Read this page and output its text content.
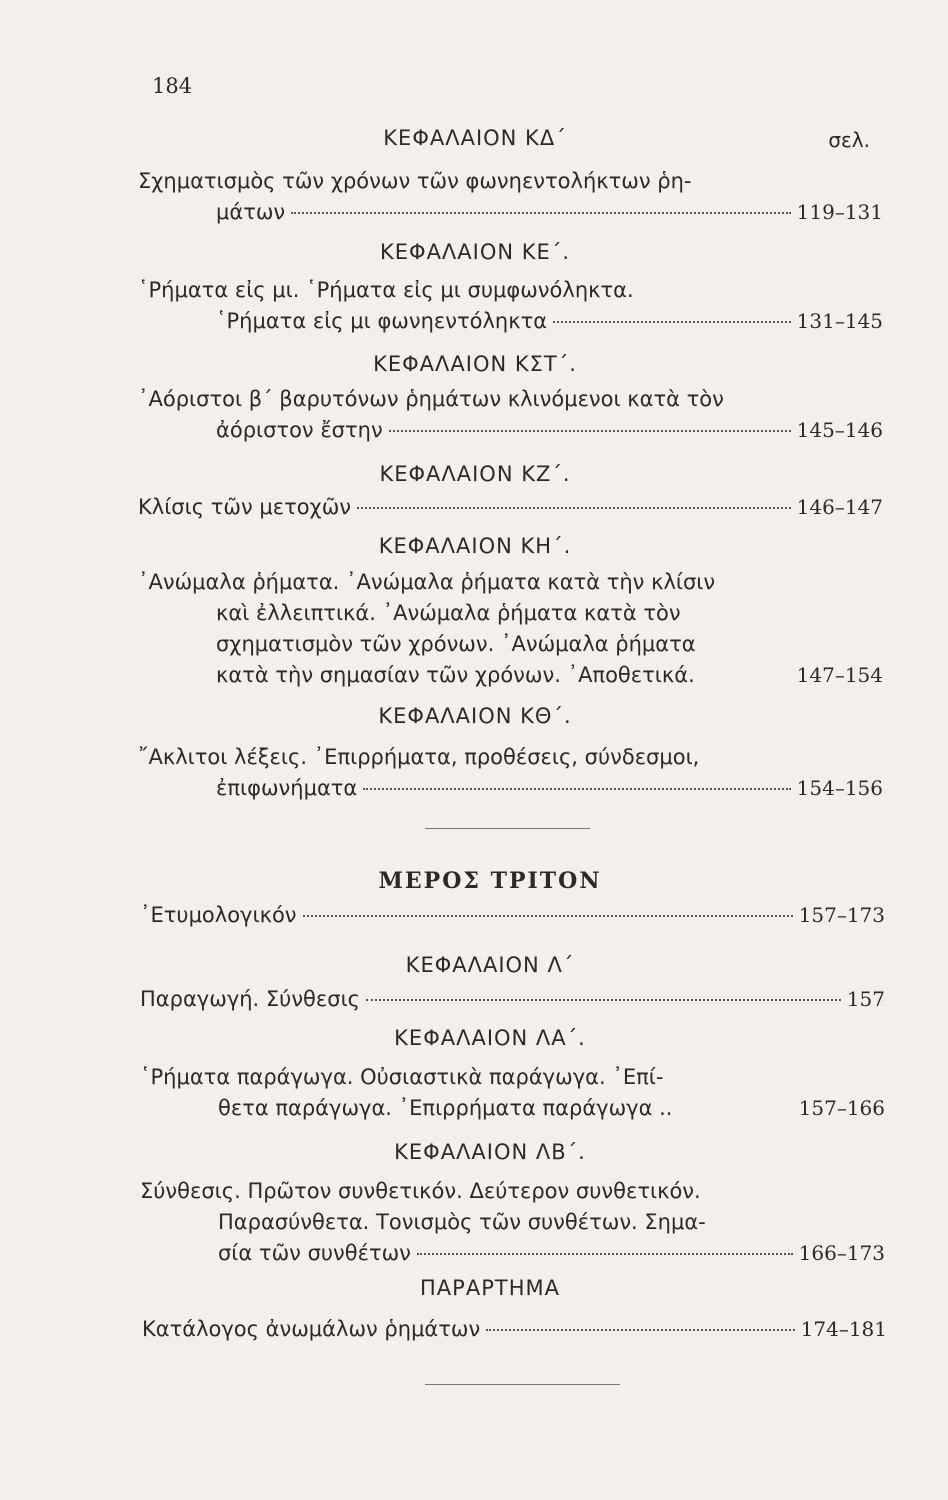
184
σελ.
ΚΕΦΑΛΑΙΟΝ ΚΔ΄
Σχηματισμὸς τῶν χρόνων τῶν φωνηεντολήκτων ῥη-
μάτων	119–131
ΚΕΦΑΛΑΙΟΝ ΚΕ΄.
῾Ρήματα εἰς μι. ῾Ρήματα εἰς μι συμφωνόληκτα.
῾Ρήματα εἰς μι φωνηεντόληκτα	131–145
ΚΕΦΑΛΑΙΟΝ ΚΣΤ΄.
᾿Αόριστοι β΄ βαρυτόνων ῥημάτων κλινόμενοι κατὰ τὸν
ἀόριστον ἔστην	145–146
ΚΕΦΑΛΑΙΟΝ ΚΖ΄.
Κλίσις τῶν μετοχῶν	146–147
ΚΕΦΑΛΑΙΟΝ ΚΗ΄.
᾿Ανώμαλα ῥήματα. ᾿Ανώμαλα ῥήματα κατὰ τὴν κλίσιν
καὶ ἐλλειπτικά. ᾿Ανώμαλα ῥήματα κατὰ τὸν
σχηματισμὸν τῶν χρόνων. ᾿Ανώμαλα ῥήματα
κατὰ τὴν σημασίαν τῶν χρόνων. ᾿Αποθετικά.	147–154
ΚΕΦΑΛΑΙΟΝ ΚΘ΄.
῎Ακλιτοι λέξεις. ᾿Επιρρήματα, προθέσεις, σύνδεσμοι,
ἐπιφωνήματα	154–156
ΜΕΡΟΣ ΤΡΙΤΟΝ
᾿Ετυμολογικόν	157–173
ΚΕΦΑΛΑΙΟΝ Λ΄
Παραγωγή. Σύνθεσις	157
ΚΕΦΑΛΑΙΟΝ ΛΑ΄.
῾Ρήματα παράγωγα. Οὐσιαστικὰ παράγωγα. ᾿Επί-
θετα παράγωγα. ᾿Επιρρήματα παράγωγα ..	157–166
ΚΕΦΑΛΑΙΟΝ ΛΒ΄.
Σύνθεσις. Πρῶτον συνθετικόν. Δεύτερον συνθετικόν.
Παρασύνθετα. Τονισμὸς τῶν συνθέτων. Σημα-
σία τῶν συνθέτων	166–173
ΠΑΡΑΡΤΗΜΑ
Κατάλογος ἀνωμάλων ῥημάτων	174–181
